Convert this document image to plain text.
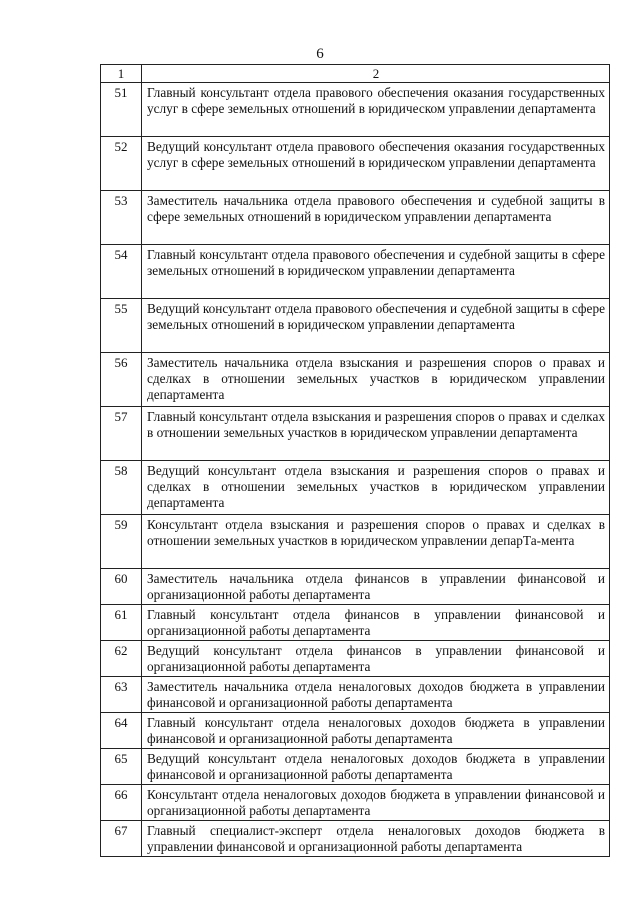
6
1	2
51	Главный консультант отдела правового обеспечения оказания государственных услуг в сфере земельных отношений в юридическом управлении департамента
52	Ведущий консультант отдела правового обеспечения оказания государственных услуг в сфере земельных отношений в юридическом управлении департамента
53	Заместитель начальника отдела правового обеспечения и судебной защиты в сфере земельных отношений в юридическом управлении департамента
54	Главный консультант отдела правового обеспечения и судебной защиты в сфере земельных отношений в юридическом управлении департамента
55	Ведущий консультант отдела правового обеспечения и судебной защиты в сфере земельных отношений в юридическом управлении департамента
56	Заместитель начальника отдела взыскания и разрешения споров о правах и сделках в отношении земельных участков в юридическом управлении департамента
57	Главный консультант отдела взыскания и разрешения споров о правах и сделках в отношении земельных участков в юридическом управлении департамента
58	Ведущий консультант отдела взыскания и разрешения споров о правах и сделках в отношении земельных участков в юридическом управлении департамента
59	Консультант отдела взыскания и разрешения споров о правах и сделках в отношении земельных участков в юридическом управлении депарТа-мента
60	Заместитель начальника отдела финансов в управлении финансовой и организационной работы департамента
61	Главный консультант отдела финансов в управлении финансовой и организационной работы департамента
62	Ведущий консультант отдела финансов в управлении финансовой и организационной работы департамента
63	Заместитель начальника отдела неналоговых доходов бюджета в управлении финансовой и организационной работы департамента
64	Главный консультант отдела неналоговых доходов бюджета в управлении финансовой и организационной работы департамента
65	Ведущий консультант отдела неналоговых доходов бюджета в управлении финансовой и организационной работы департамента
66	Консультант отдела неналоговых доходов бюджета в управлении финансовой и организационной работы департамента
67	Главный специалист-эксперт отдела неналоговых доходов бюджета в управлении финансовой и организационной работы департамента
